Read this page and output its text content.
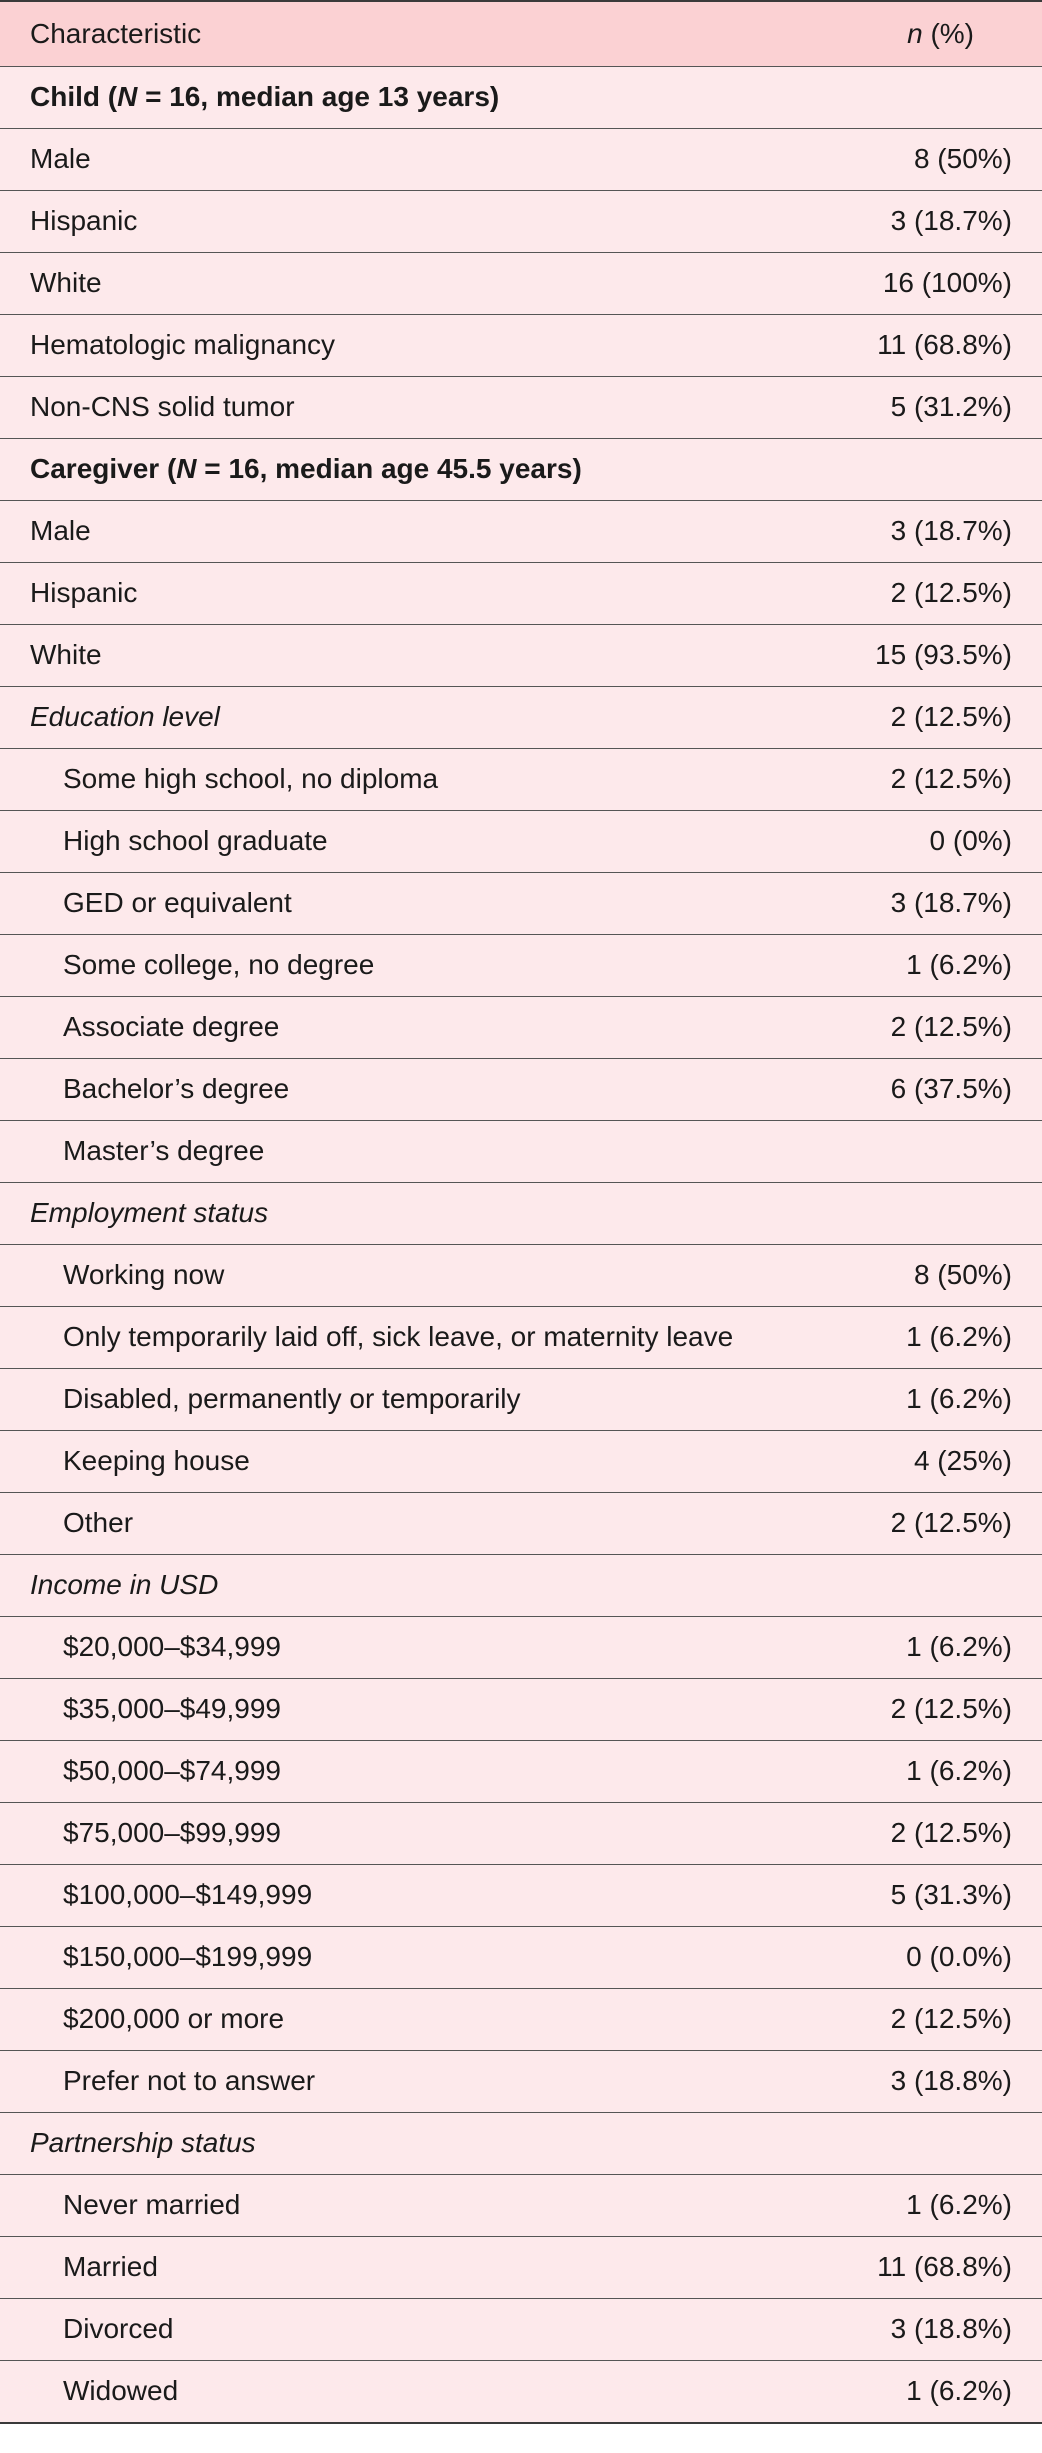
Characteristic	n (%)
Child (N = 16, median age 13 years)	
Male	8 (50%)
Hispanic	3 (18.7%)
White	16 (100%)
Hematologic malignancy	11 (68.8%)
Non-CNS solid tumor	5 (31.2%)
Caregiver (N = 16, median age 45.5 years)	
Male	3 (18.7%)
Hispanic	2 (12.5%)
White	15 (93.5%)
Education level	2 (12.5%)
Some high school, no diploma	2 (12.5%)
High school graduate	0 (0%)
GED or equivalent	3 (18.7%)
Some college, no degree	1 (6.2%)
Associate degree	2 (12.5%)
Bachelor’s degree	6 (37.5%)
Master’s degree	
Employment status	
Working now	8 (50%)
Only temporarily laid off, sick leave, or maternity leave	1 (6.2%)
Disabled, permanently or temporarily	1 (6.2%)
Keeping house	4 (25%)
Other	2 (12.5%)
Income in USD	
$20,000–$34,999	1 (6.2%)
$35,000–$49,999	2 (12.5%)
$50,000–$74,999	1 (6.2%)
$75,000–$99,999	2 (12.5%)
$100,000–$149,999	5 (31.3%)
$150,000–$199,999	0 (0.0%)
$200,000 or more	2 (12.5%)
Prefer not to answer	3 (18.8%)
Partnership status	
Never married	1 (6.2%)
Married	11 (68.8%)
Divorced	3 (18.8%)
Widowed	1 (6.2%)
